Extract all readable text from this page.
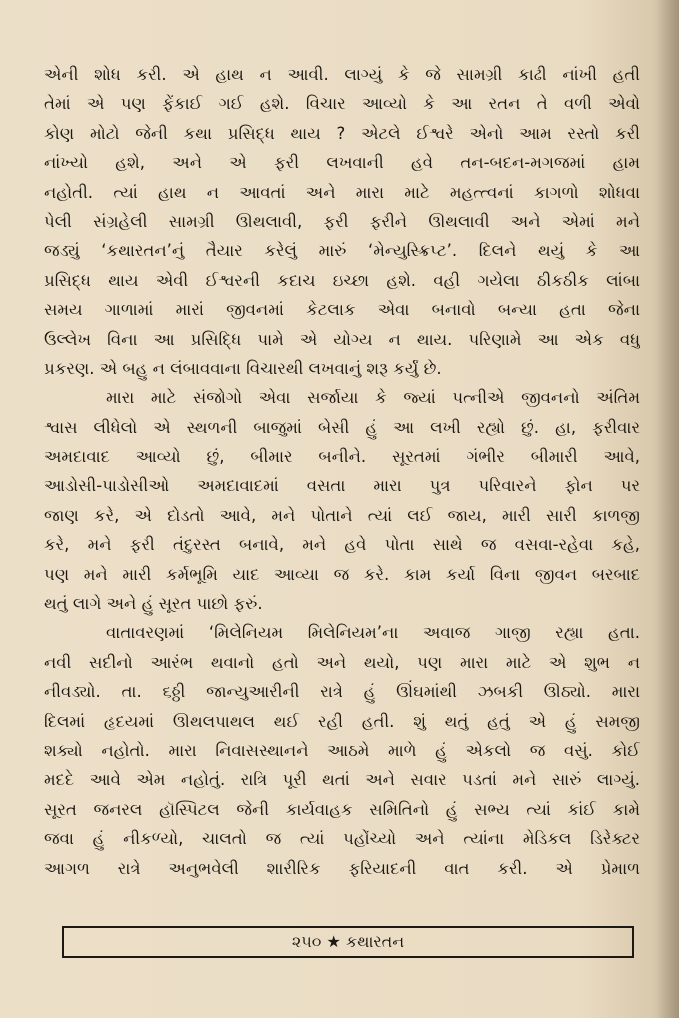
એની શોધ કરી. એ હાથ ન આવી. લાગ્યું કે જે સામગ્રી કાઢી નાંખી હતી
તેમાં એ પણ ફેંકાઈ ગઈ હશે. વિચાર આવ્યો કે આ રતન તે વળી એવો
કોણ મોટો જેની કથા પ્રસિદ્ધ થાય ? એટલે ઈશ્વરે એનો આમ રસ્તો કરી
નાંખ્યો હશે, અને એ ફરી લખવાની હવે તન-બદન-મગજમાં હામ
નહોતી. ત્યાં હાથ ન આવતાં અને મારા માટે મહત્ત્વનાં કાગળો શોધવા
પેલી સંગ્રહેલી સામગ્રી ઊથલાવી, ફરી ફરીને ઊથલાવી અને એમાં મને
જડ્યું ‘કથારતન’નું તૈયાર કરેલું મારું ‘મેન્યુસ્ક્રિપ્ટ’. દિલને થયું કે આ
પ્રસિદ્ધ થાય એવી ઈશ્વરની કદાચ ઇચ્છા હશે. વહી ગયેલા ઠીકઠીક લાંબા
સમય ગાળામાં મારાં જીવનમાં કેટલાક એવા બનાવો બન્યા હતા જેના
ઉલ્લેખ વિના આ પ્રસિદ્ધિ પામે એ યોગ્ય ન થાય. પરિણામે આ એક વધુ
પ્રકરણ. એ બહુ ન લંબાવવાના વિચારથી લખવાનું શરૂ કર્યું છે.
મારા માટે સંજોગો એવા સર્જાયા કે જ્યાં પત્નીએ જીવનનો અંતિમ
શ્વાસ લીધેલો એ સ્થળની બાજુમાં બેસી હું આ લખી રહ્યો છું. હા, ફરીવાર
અમદાવાદ આવ્યો છું, બીમાર બનીને. સૂરતમાં ગંભીર બીમારી આવે,
આડોસી-પાડોસીઓ અમદાવાદમાં વસતા મારા પુત્ર પરિવારને ફોન પર
જાણ કરે, એ દોડતો આવે, મને પોતાને ત્યાં લઈ જાય, મારી સારી કાળજી
કરે, મને ફરી તંદુરસ્ત બનાવે, મને હવે પોતા સાથે જ વસવા-રહેવા કહે,
પણ મને મારી કર્મભૂમિ યાદ આવ્યા જ કરે. કામ કર્યા વિના જીવન બરબાદ
થતું લાગે અને હું સૂરત પાછો ફરું.
વાતાવરણમાં ‘મિલેનિયમ મિલેનિયમ’ના અવાજ ગાજી રહ્યા હતા.
નવી સદીનો આરંભ થવાનો હતો અને થયો, પણ મારા માટે એ શુભ ન
નીવડ્યો. તા. ૬ઠ્ઠી જાન્યુઆરીની રાત્રે હું ઊંઘમાંથી ઝબકી ઊઠ્યો. મારા
દિલમાં હૃદયમાં ઊથલપાથલ થઈ રહી હતી. શું થતું હતું એ હું સમજી
શક્યો નહોતો. મારા નિવાસસ્થાનને આઠમે માળે હું એકલો જ વસું. કોઈ
મદદે આવે એમ નહોતું. રાત્રિ પૂરી થતાં અને સવાર પડતાં મને સારું લાગ્યું.
સૂરત જનરલ હૉસ્પિટલ જેની કાર્યવાહક સમિતિનો હું સભ્ય ત્યાં કાંઈ કામે
જવા હું નીકળ્યો, ચાલતો જ ત્યાં પહોંચ્યો અને ત્યાંના મેડિકલ ડિરેક્ટર
આગળ રાત્રે અનુભવેલી શારીરિક ફરિયાદની વાત કરી. એ પ્રેમાળ
૨૫૦ ★ કથારતન
